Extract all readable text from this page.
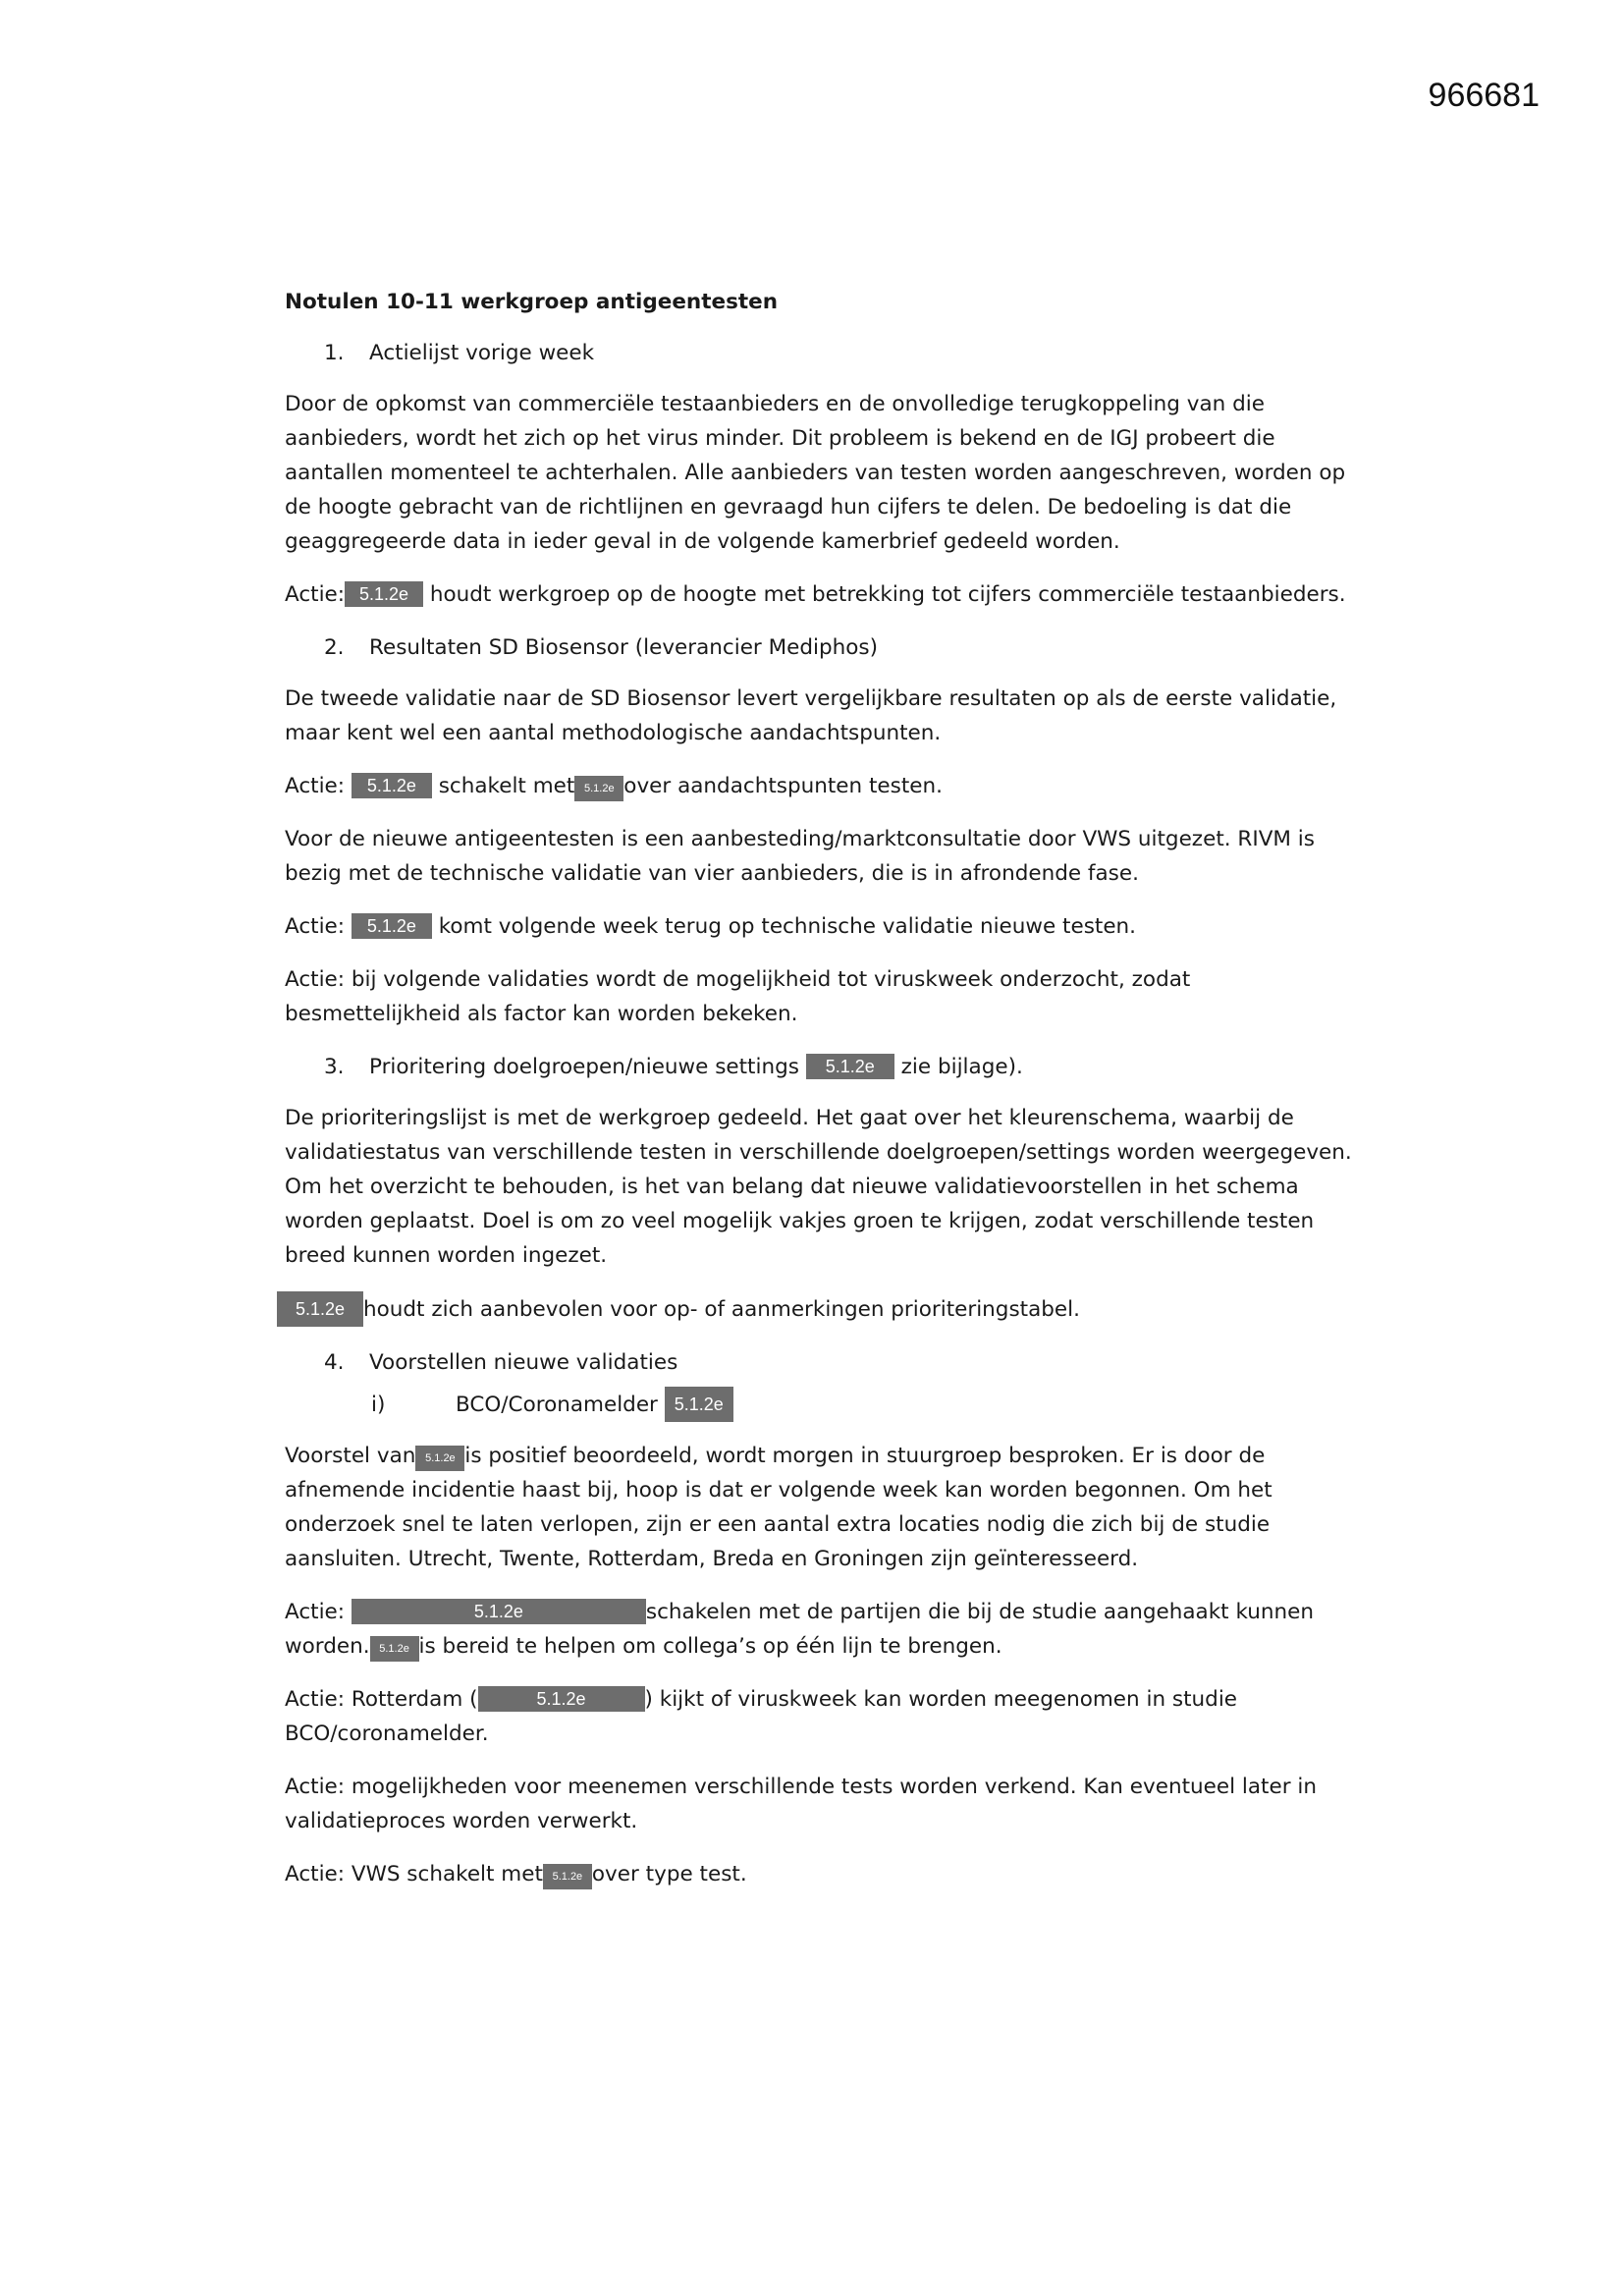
966681
Notulen 10-11 werkgroep antigeentesten
1.	Actielijst vorige week

Door de opkomst van commerciële testaanbieders en de onvolledige terugkoppeling van die aanbieders, wordt het zich op het virus minder. Dit probleem is bekend en de IGJ probeert die aantallen momenteel te achterhalen. Alle aanbieders van testen worden aangeschreven, worden op de hoogte gebracht van de richtlijnen en gevraagd hun cijfers te delen. De bedoeling is dat die geaggregeerde data in ieder geval in de volgende kamerbrief gedeeld worden.

Actie: 5.1.2e houdt werkgroep op de hoogte met betrekking tot cijfers commerciële testaanbieders.

2.	Resultaten SD Biosensor (leverancier Mediphos)

De tweede validatie naar de SD Biosensor levert vergelijkbare resultaten op als de eerste validatie, maar kent wel een aantal methodologische aandachtspunten.

Actie: 5.1.2e schakelt met 5.1.2e over aandachtspunten testen.

Voor de nieuwe antigeentesten is een aanbesteding/marktconsultatie door VWS uitgezet. RIVM is bezig met de technische validatie van vier aanbieders, die is in afrondende fase.

Actie: 5.1.2e komt volgende week terug op technische validatie nieuwe testen.

Actie: bij volgende validaties wordt de mogelijkheid tot viruskweek onderzocht, zodat besmettelijkheid als factor kan worden bekeken.

3.	Prioritering doelgroepen/nieuwe settings 5.1.2e zie bijlage).

De prioriteringslijst is met de werkgroep gedeeld. Het gaat over het kleurenschema, waarbij de validatiestatus van verschillende testen in verschillende doelgroepen/settings worden weergegeven. Om het overzicht te behouden, is het van belang dat nieuwe validatievoorstellen in het schema worden geplaatst. Doel is om zo veel mogelijk vakjes groen te krijgen, zodat verschillende testen breed kunnen worden ingezet.

5.1.2e houdt zich aanbevolen voor op- of aanmerkingen prioriteringstabel.

4.	Voorstellen nieuwe validaties
i)	BCO/Coronamelder
5.1.2e

Voorstel van 5.1.2e is positief beoordeeld, wordt morgen in stuurgroep besproken. Er is door de afnemende incidentie haast bij, hoop is dat er volgende week kan worden begonnen. Om het onderzoek snel te laten verlopen, zijn er een aantal extra locaties nodig die zich bij de studie aansluiten. Utrecht, Twente, Rotterdam, Breda en Groningen zijn geïnteresseerd.

Actie:	5.1.2e	schakelen met de partijen die bij de studie aangehaakt kunnen worden. 5.1.2e is bereid te helpen om collega’s op één lijn te brengen.

Actie: Rotterdam (	5.1.2e	) kijkt of viruskweek kan worden meegenomen in studie BCO/coronamelder.

Actie: mogelijkheden voor meenemen verschillende tests worden verkend. Kan eventueel later in validatieproces worden verwerkt.

Actie: VWS schakelt met 5.1.2e over type test.
